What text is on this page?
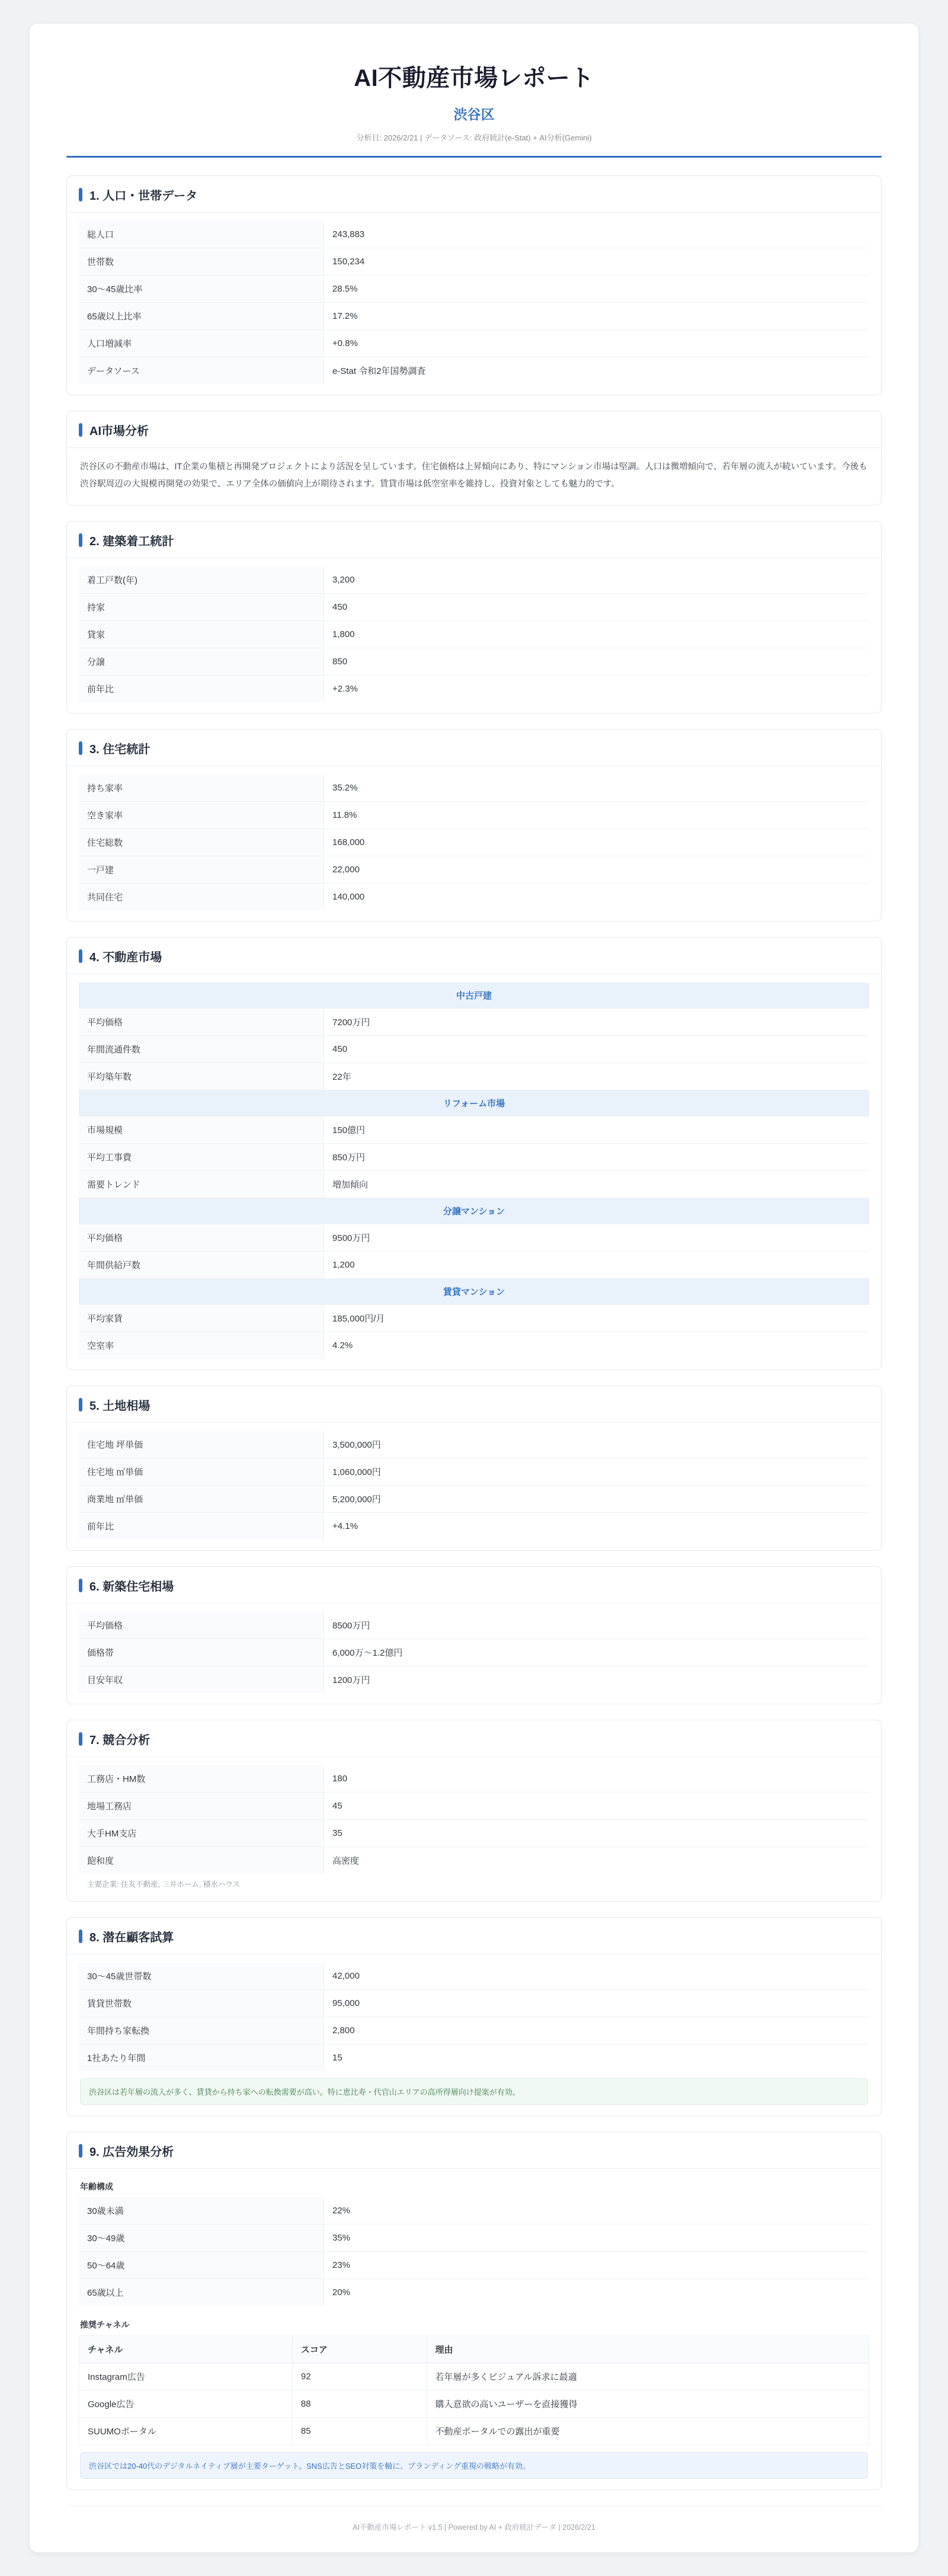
AI不動産市場レポート
渋谷区
分析日: 2026/2/21 | データソース: 政府統計(e-Stat) + AI分析(Gemini)
1. 人口・世帯データ
総人口	243,883
世帯数	150,234
30〜45歳比率	28.5%
65歳以上比率	17.2%
人口増減率	+0.8%
データソース	e-Stat 令和2年国勢調査
AI市場分析
渋谷区の不動産市場は、IT企業の集積と再開発プロジェクトにより活況を呈しています。住宅価格は上昇傾向にあり、特にマンション市場は堅調。人口は微増傾向で、若年層の流入が続いています。今後も渋谷駅周辺の大規模再開発の効果で、エリア全体の価値向上が期待されます。賃貸市場は低空室率を維持し、投資対象としても魅力的です。
2. 建築着工統計
着工戸数(年)	3,200
持家	450
貸家	1,800
分譲	850
前年比	+2.3%
3. 住宅統計
持ち家率	35.2%
空き家率	11.8%
住宅総数	168,000
一戸建	22,000
共同住宅	140,000
4. 不動産市場
中古戸建	
平均価格	7200万円
年間流通件数	450
平均築年数	22年
リフォーム市場	
市場規模	150億円
平均工事費	850万円
需要トレンド	増加傾向
分譲マンション	
平均価格	9500万円
年間供給戸数	1,200
賃貸マンション	
平均家賃	185,000円/月
空室率	4.2%
5. 土地相場
住宅地 坪単価	3,500,000円
住宅地 ㎡単価	1,060,000円
商業地 ㎡単価	5,200,000円
前年比	+4.1%
6. 新築住宅相場
平均価格	8500万円
価格帯	6,000万〜1.2億円
目安年収	1200万円
7. 競合分析
工務店・HM数	180
地場工務店	45
大手HM支店	35
飽和度	高密度
主要企業: 住友不動産, 三井ホーム, 積水ハウス
8. 潜在顧客試算
30〜45歳世帯数	42,000
賃貸世帯数	95,000
年間持ち家転換	2,800
1社あたり年間	15
渋谷区は若年層の流入が多く、賃貸から持ち家への転換需要が高い。特に恵比寿・代官山エリアの高所得層向け提案が有効。
9. 広告効果分析
年齢構成
30歳未満	22%
30〜49歳	35%
50〜64歳	23%
65歳以上	20%
推奨チャネル
チャネル	スコア	理由
Instagram広告	92	若年層が多くビジュアル訴求に最適
Google広告	88	購入意欲の高いユーザーを直接獲得
SUUMOポータル	85	不動産ポータルでの露出が重要
渋谷区では20-40代のデジタルネイティブ層が主要ターゲット。SNS広告とSEO対策を軸に、ブランディング重視の戦略が有効。
AI不動産市場レポート v1.5 | Powered by AI + 政府統計データ | 2026/2/21
